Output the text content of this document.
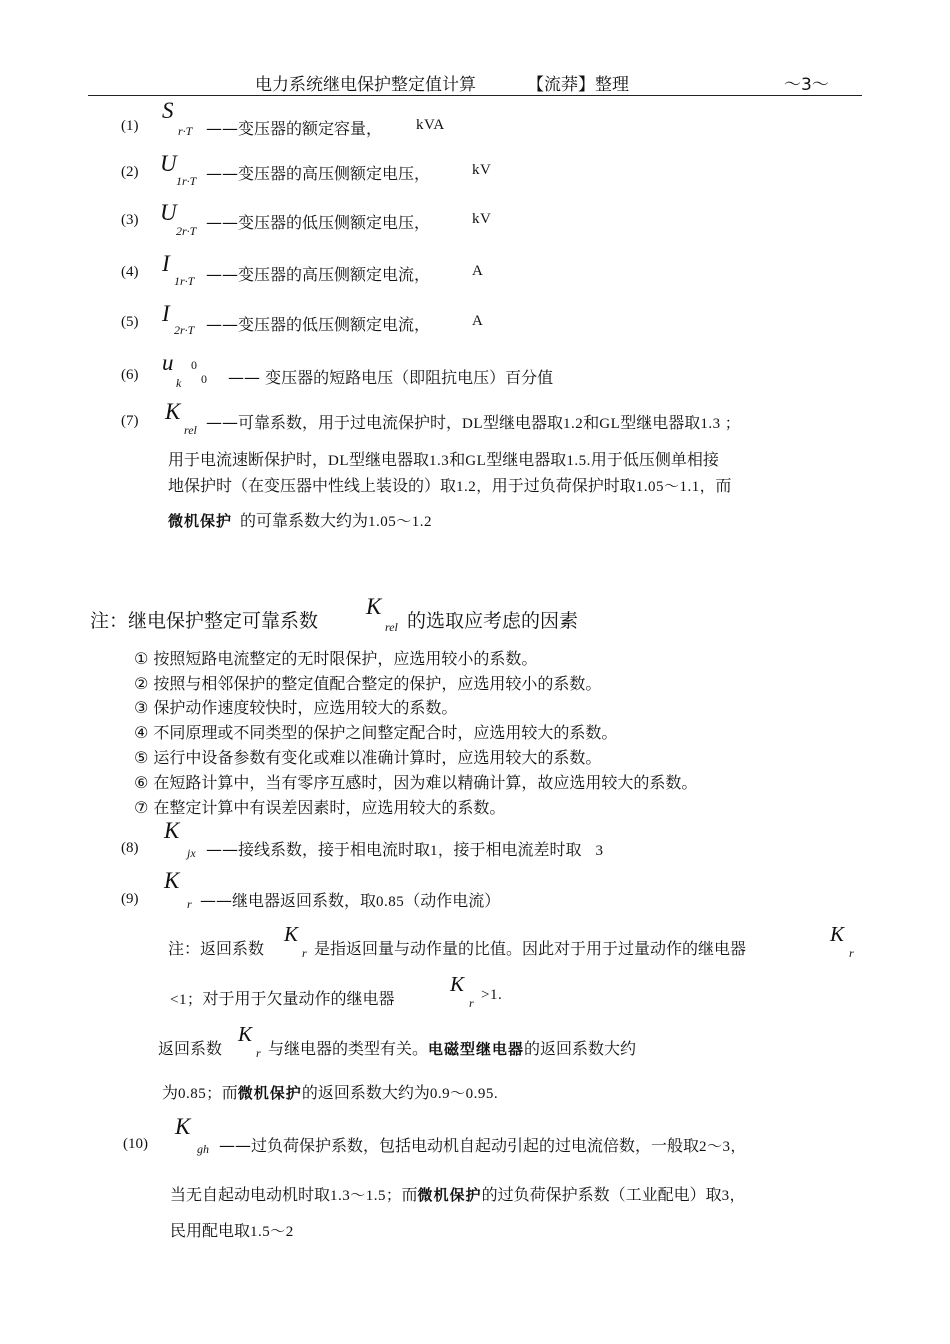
电力系统继电保护整定值计算	【流莽】整理	～3～
(1)
S
r·T ——变压器的额定容量， kVA
(2) U
1r·T ——变压器的高压侧额定电压，	kV
(3) U
2r·T ——变压器的低压侧额定电压，	kV
(4) I
1r·T ——变压器的高压侧额定电流，	A
(5) I
2r·T ——变压器的低压侧额定电流，	A
(6) u
k
0
0 —— 变压器的短路电压（即阻抗电压）百分值
(7) K
rel ——可靠系数，用于过电流保护时，DL型继电器取1.2和GL型继电器取1.3 ；
用于电流速断保护时，DL型继电器取1.3和GL型继电器取1.5.用于低压侧单相接
地保护时（在变压器中性线上装设的）取1.2，用于过负荷保护时取1.05～1.1，而
微机保护 的可靠系数大约为1.05～1.2
注：继电保护整定可靠系数
K
rel 的选取应考虑的因素
① 按照短路电流整定的无时限保护，应选用较小的系数。
② 按照与相邻保护的整定值配合整定的保护，应选用较小的系数。
③ 保护动作速度较快时，应选用较大的系数。
④ 不同原理或不同类型的保护之间整定配合时，应选用较大的系数。
⑤ 运行中设备参数有变化或难以准确计算时，应选用较大的系数。
⑥ 在短路计算中，当有零序互感时，因为难以精确计算，故应选用较大的系数。
⑦ 在整定计算中有误差因素时，应选用较大的系数。
(8)
K
jx ——接线系数，接于相电流时取1，接于相电流差时取 3
(9)
K
r ——继电器返回系数，取0.85（动作电流）
注：返回系数
K
r 是指返回量与动作量的比值。因此对于用于过量动作的继电器
K
r
<1；对于用于欠量动作的继电器
K
r >1.
返回系数
K
r 与继电器的类型有关。电磁型继电器的返回系数大约
为0.85；而微机保护的返回系数大约为0.9～0.95.
(10)
K
gh ——过负荷保护系数，包括电动机自起动引起的过电流倍数，一般取2～3，
当无自起动电动机时取1.3～1.5；而微机保护的过负荷保护系数（工业配电）取3，
民用配电取1.5～2
